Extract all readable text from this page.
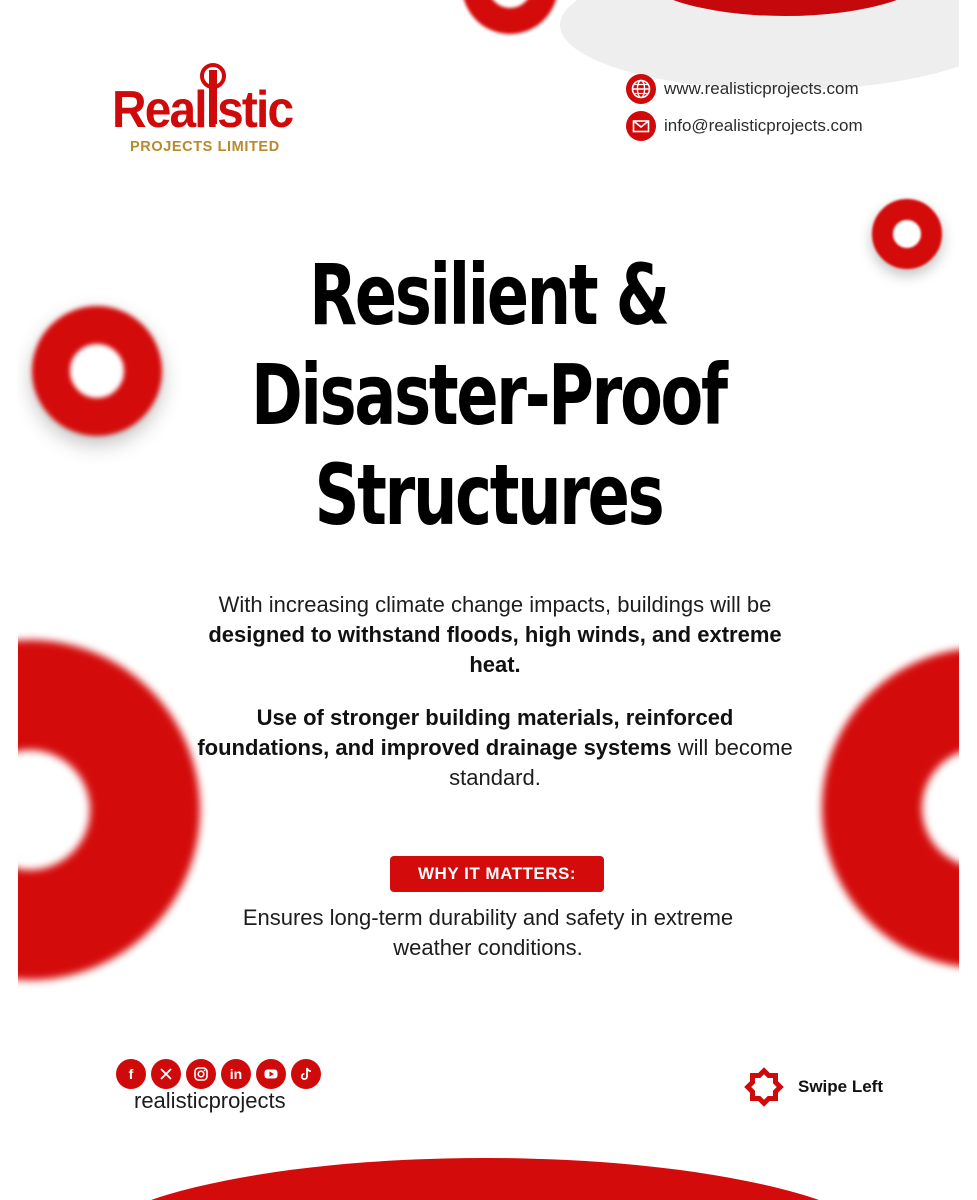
Realistic
PROJECTS LIMITED
www.realisticprojects.com
info@realisticprojects.com
Resilient &
Disaster-Proof
Structures
With increasing climate change impacts, buildings will be designed to withstand floods, high winds, and extreme heat.
Use of stronger building materials, reinforced foundations, and improved drainage systems will become standard.
WHY IT MATTERS:
Ensures long-term durability and safety in extreme weather conditions.
f	in
realisticprojects
Swipe Left
